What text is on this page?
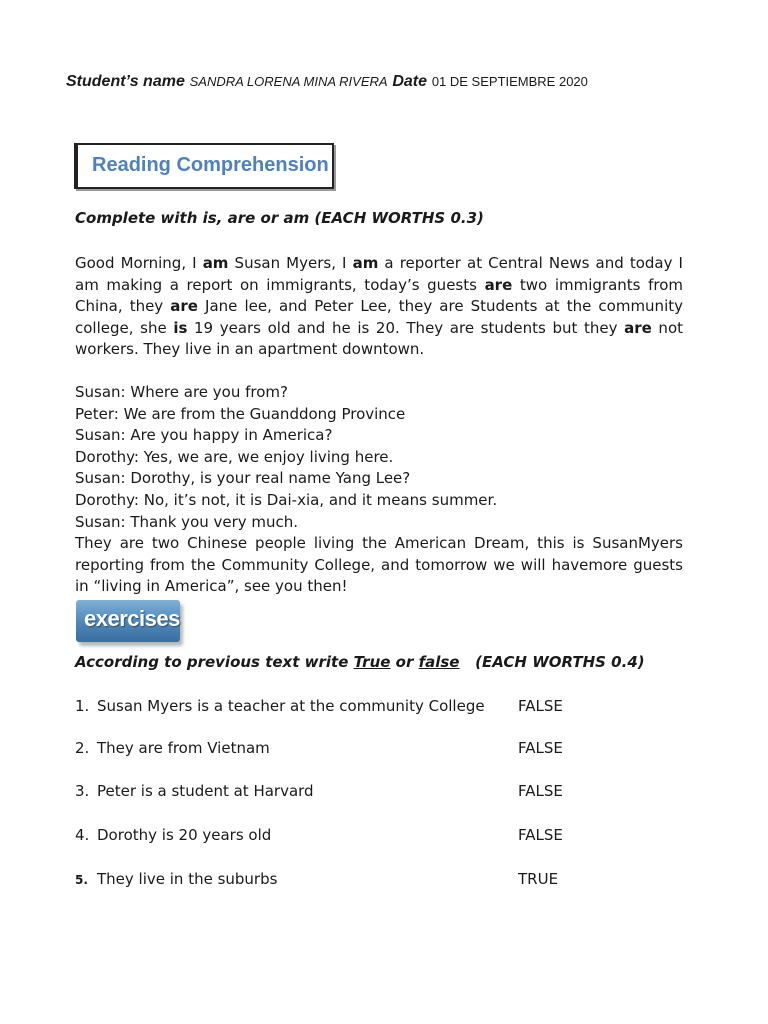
Student’s name SANDRA LORENA MINA RIVERA Date 01 DE SEPTIEMBRE 2020
Reading Comprehension
Complete with is, are or am (EACH WORTHS 0.3)

Good Morning, I am Susan Myers, I am a reporter at Central News and today I am making a report on immigrants, today’s guests are two immigrants from China, they are Jane lee, and Peter Lee, they are Students at the community college, she is 19 years old and he is 20. They are students but they are not workers. They live in an apartment downtown.

Susan: Where are you from?
Peter: We are from the Guanddong Province
Susan: Are you happy in America?
Dorothy: Yes, we are, we enjoy living here.
Susan: Dorothy, is your real name Yang Lee?
Dorothy: No, it’s not, it is Dai-xia, and it means summer.
Susan: Thank you very much.

They are two Chinese people living the American Dream, this is SusanMyers reporting from the Community College, and tomorrow we will havemore guests in “living in America”, see you then!

exercises
According to previous text write True or false   (EACH WORTHS 0.4)
1. Susan Myers is a teacher at the community College FALSE
2. They are from Vietnam	FALSE
3. Peter is a student at Harvard	FALSE
4. Dorothy is 20 years old	FALSE
5. They live in the suburbs	TRUE
